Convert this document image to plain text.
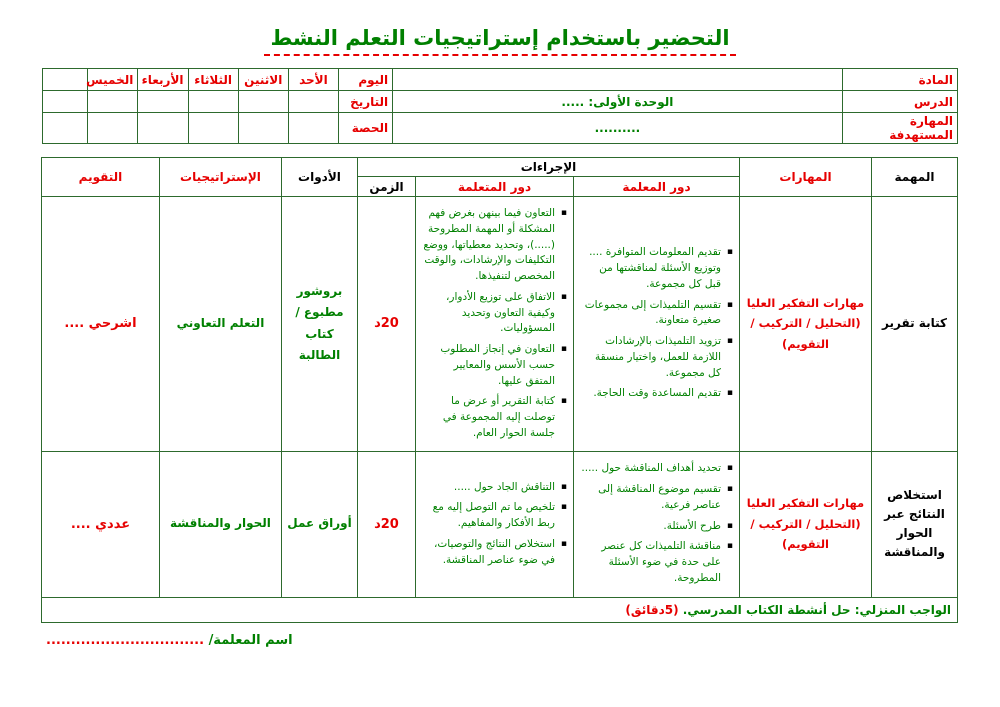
التحضير باستخدام إستراتيجيات التعلم النشط
المادة		اليوم	الأحد	الاثنين	الثلاثاء	الأربعاء	الخميس	
الدرس	الوحدة الأولى: .....	التاريخ						
المهارة المستهدفة	..........	الحصة						
المهمة	المهارات	الإجراءات			الأدوات	الإستراتيجيات	التقويم
		دور المعلمة	دور المتعلمة	الزمن			
كتابة تقرير	مهارات التفكير العليا (التحليل / التركيب / التقويم)	
▪ تقديم المعلومات المتوافرة .... وتوزيع الأسئلة لمناقشتها من قبل كل مجموعة.
▪ تقسيم التلميذات إلى مجموعات صغيرة متعاونة.
▪ تزويد التلميذات بالإرشادات اللازمة للعمل، واختيار منسقة كل مجموعة.
▪ تقديم المساعدة وقت الحاجة.

▪ التعاون فيما بينهن بغرض فهم المشكلة أو المهمة المطروحة (.....)، وتحديد معطياتها، ووضع التكليفات والإرشادات، والوقت المخصص لتنفيذها.
▪ الاتفاق على توزيع الأدوار، وكيفية التعاون وتحديد المسؤوليات.
▪ التعاون في إنجاز المطلوب حسب الأسس والمعايير المتفق عليها.
▪ كتابة التقرير أو عرض ما توصلت إليه المجموعة في جلسة الحوار العام.
	20د	بروشور مطبوع / كتاب الطالبة	التعلم التعاوني	اشرحي ....
استخلاص النتائج عبر الحوار والمناقشة	مهارات التفكير العليا (التحليل / التركيب / التقويم)	
▪ تحديد أهداف المناقشة حول .....
▪ تقسيم موضوع المناقشة إلى عناصر فرعية.
▪ طرح الأسئلة.
▪ مناقشة التلميذات كل عنصر على حدة في ضوء الأسئلة المطروحة.

▪ التناقش الجاد حول .....
▪ تلخيص ما تم التوصل إليه مع ربط الأفكار والمفاهيم.
▪ استخلاص النتائج والتوصيات، في ضوء عناصر المناقشة.
	20د	أوراق عمل	الحوار والمناقشة	عددي ....
الواجب المنزلي: حل أنشطة الكتاب المدرسي. (5دقائق)							
اسم المعلمة/ ................................
